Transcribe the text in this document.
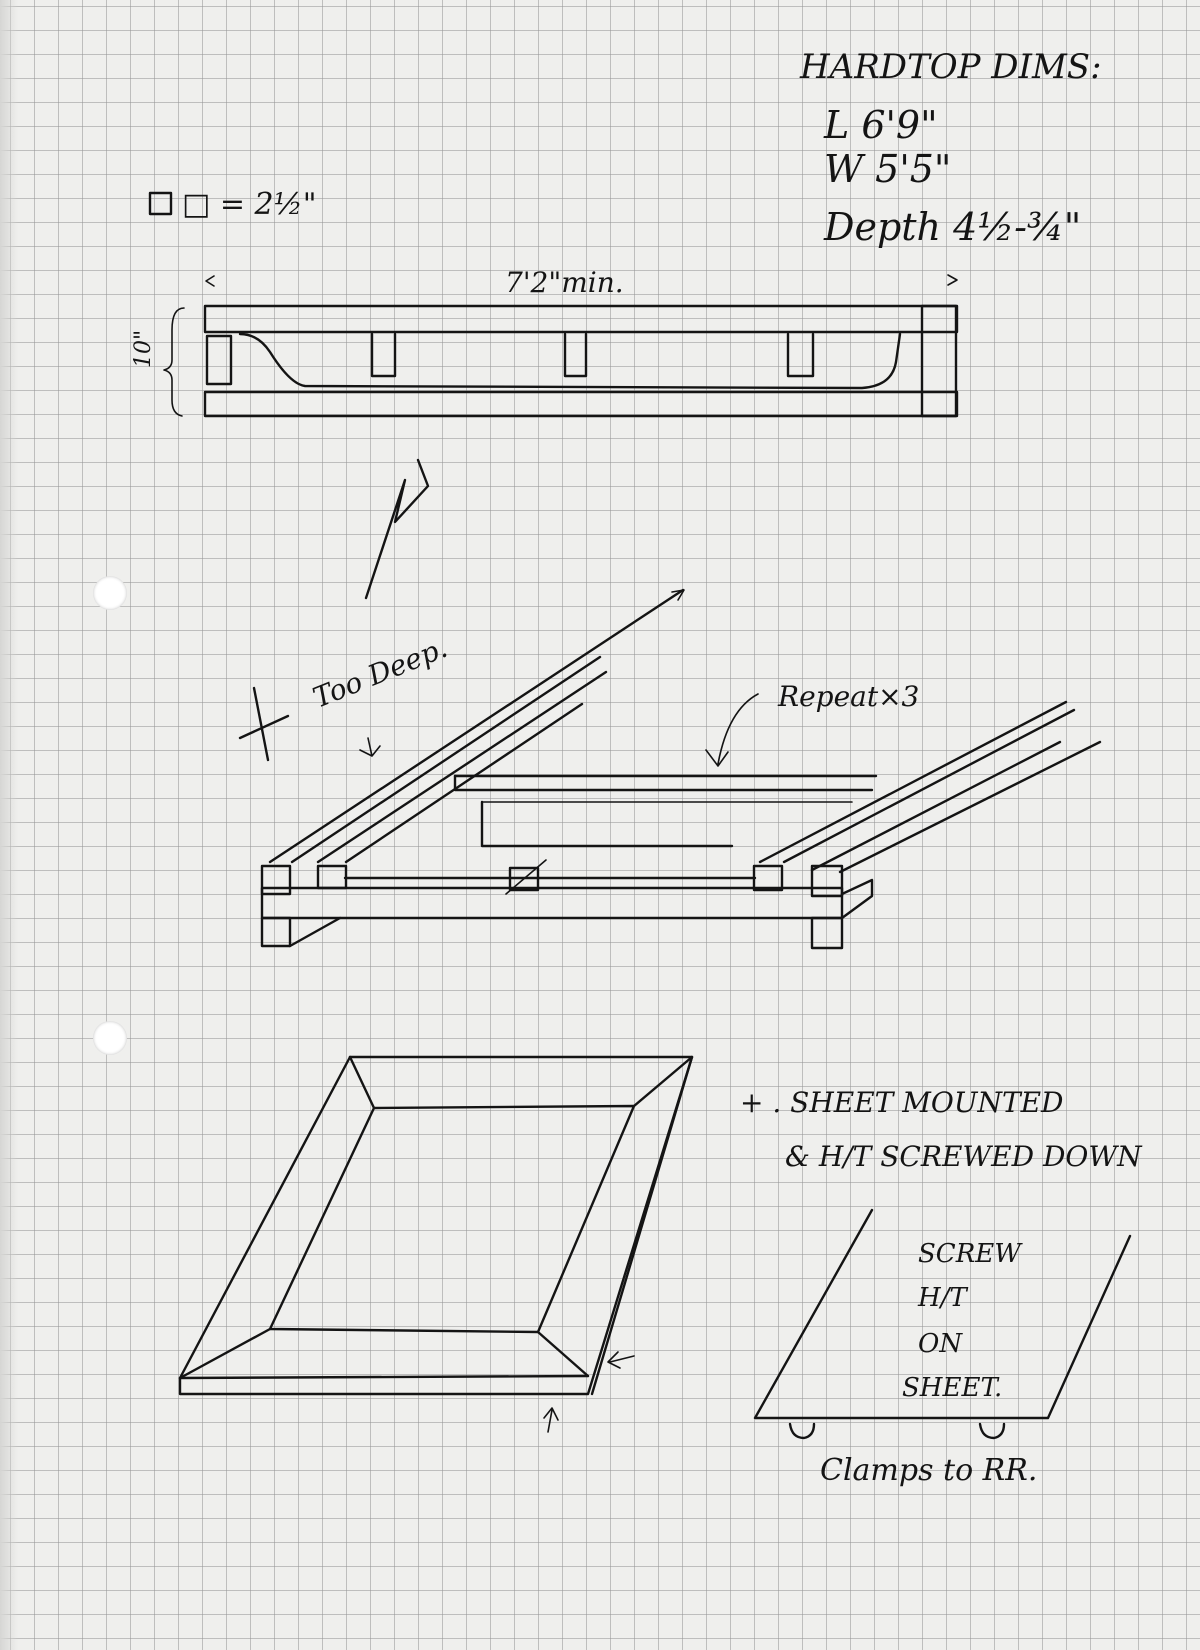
HARDTOP DIMS:
L 6'9"
W 5'5"
Depth 4½-¾"
□ = 2½"
7'2"min.
10"
Too Deep.	Repeat×3
+ . SHEET MOUNTED
& H/T SCREWED DOWN
SCREW
H/T
ON
SHEET.
Clamps to RR.
